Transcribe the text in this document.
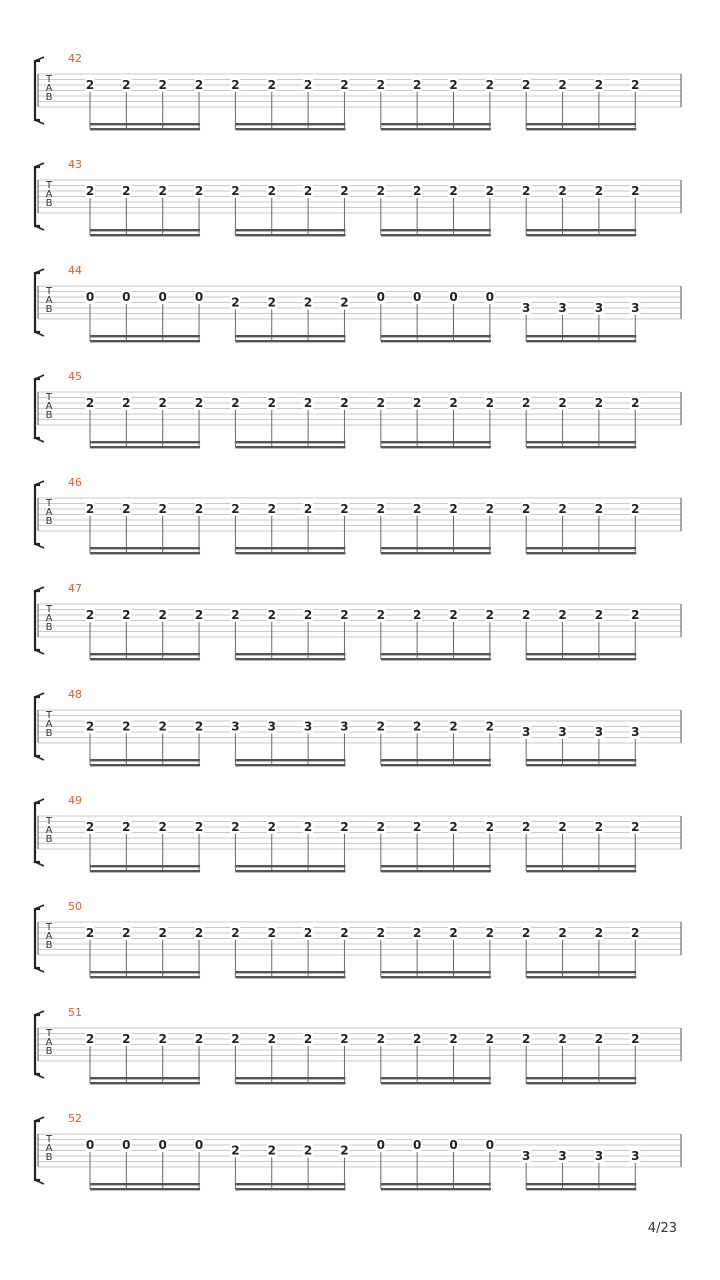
42
T
A
B
2 2 2 2 2 2 2 2 2 2 2 2 2 2 2 2
43
T
A
B
2 2 2 2 2 2 2 2 2 2 2 2 2 2 2 2
44
T
A
B
0 0 0 0 2 2 2 2 0 0 0 0
3 3 3 3
45
T
A
B
2 2 2 2 2 2 2 2 2 2 2 2 2 2 2 2
46
T
A
B
2 2 2 2 2 2 2 2 2 2 2 2 2 2 2 2
47
T
A
B
2 2 2 2 2 2 2 2 2 2 2 2 2 2 2 2
48
T
A
B	2 2 2 2 3 3 3 3 2 2 2 2 3 3 3 3
49
T
A
B
2 2 2 2 2 2 2 2 2 2 2 2 2 2 2 2
50
T
A
B
2 2 2 2 2 2 2 2 2 2 2 2 2 2 2 2
51
T
A
B
2 2 2 2 2 2 2 2 2 2 2 2 2 2 2 2
52
T
A
B
0 0 0 0 2 2 2 2 0 0 0 0
3 3 3 3
4/23
